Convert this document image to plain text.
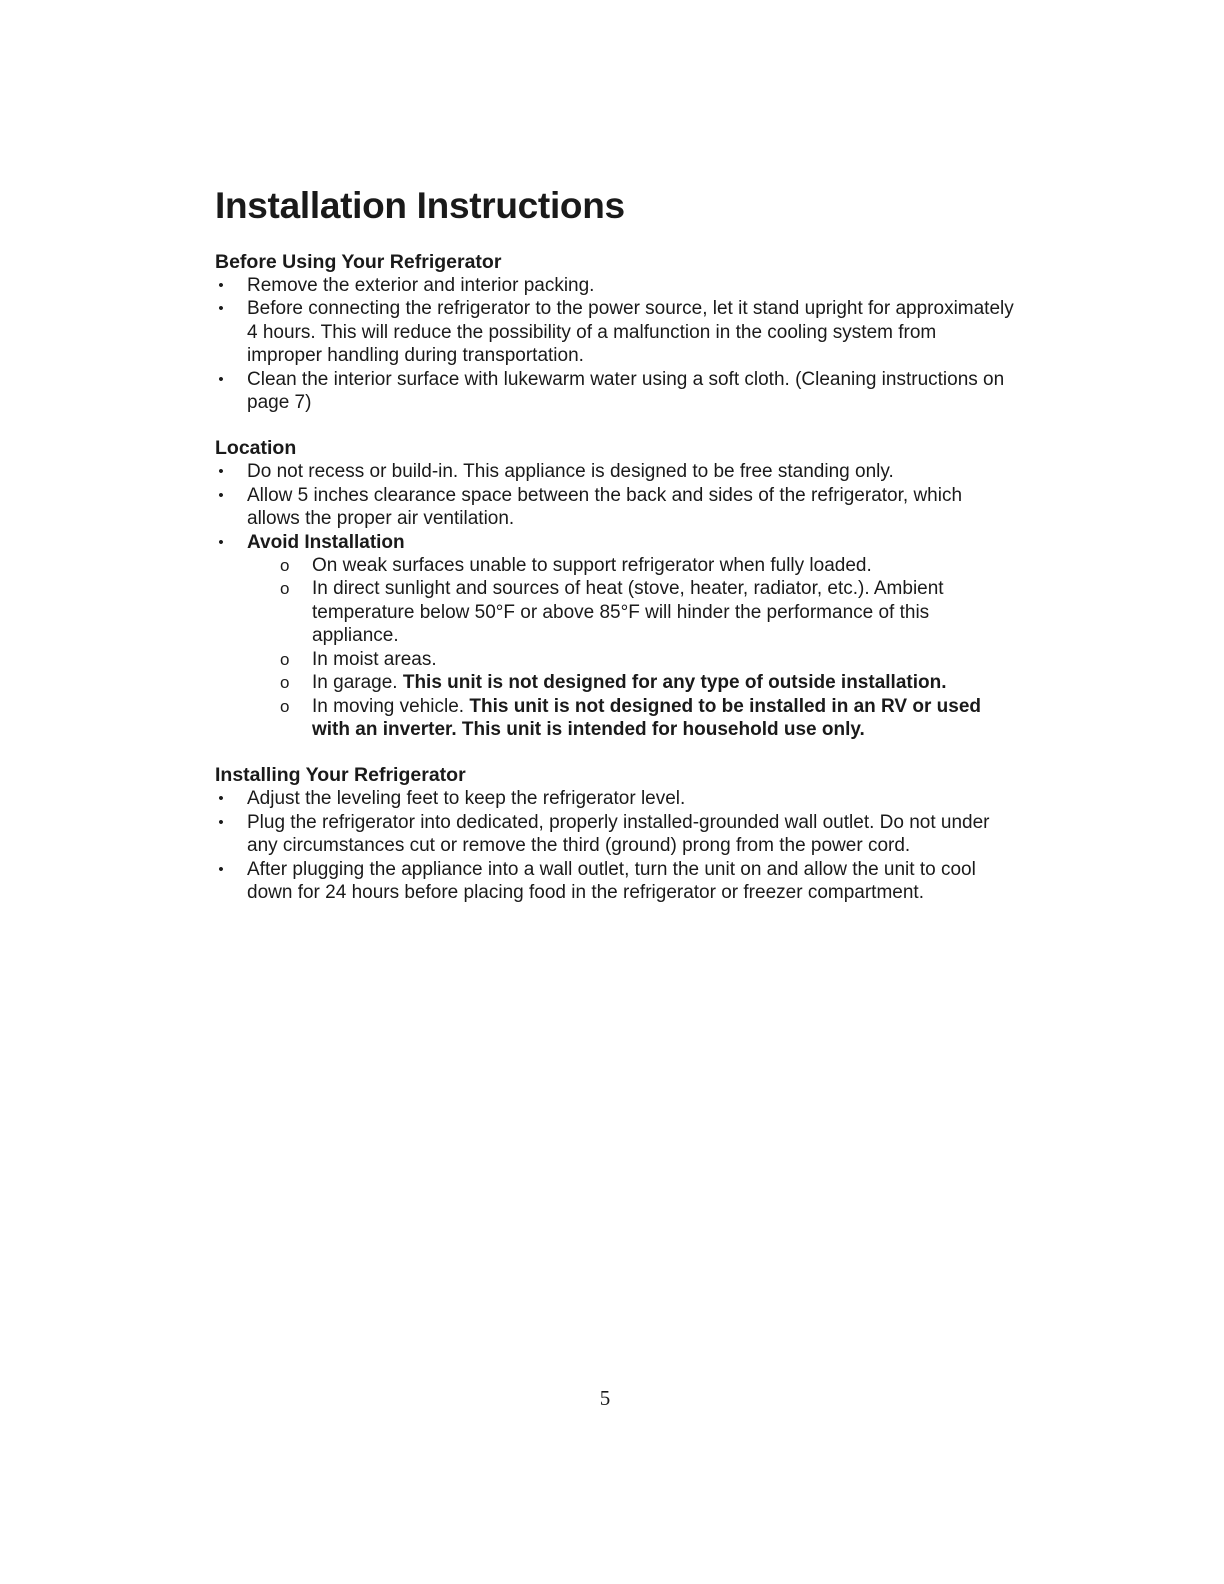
Installation Instructions
Before Using Your Refrigerator
• Remove the exterior and interior packing.
• Before connecting the refrigerator to the power source, let it stand upright for approximately 4 hours. This will reduce the possibility of a malfunction in the cooling system from improper handling during transportation.
• Clean the interior surface with lukewarm water using a soft cloth. (Cleaning instructions on page 7)
Location
• Do not recess or build-in. This appliance is designed to be free standing only.
• Allow 5 inches clearance space between the back and sides of the refrigerator, which allows the proper air ventilation.
• Avoid Installation
o On weak surfaces unable to support refrigerator when fully loaded.
o In direct sunlight and sources of heat (stove, heater, radiator, etc.). Ambient temperature below 50°F or above 85°F will hinder the performance of this appliance.
o In moist areas.
o In garage. This unit is not designed for any type of outside installation.
o In moving vehicle. This unit is not designed to be installed in an RV or used with an inverter. This unit is intended for household use only.
Installing Your Refrigerator
• Adjust the leveling feet to keep the refrigerator level.
• Plug the refrigerator into dedicated, properly installed-grounded wall outlet. Do not under any circumstances cut or remove the third (ground) prong from the power cord.
• After plugging the appliance into a wall outlet, turn the unit on and allow the unit to cool down for 24 hours before placing food in the refrigerator or freezer compartment.
5
